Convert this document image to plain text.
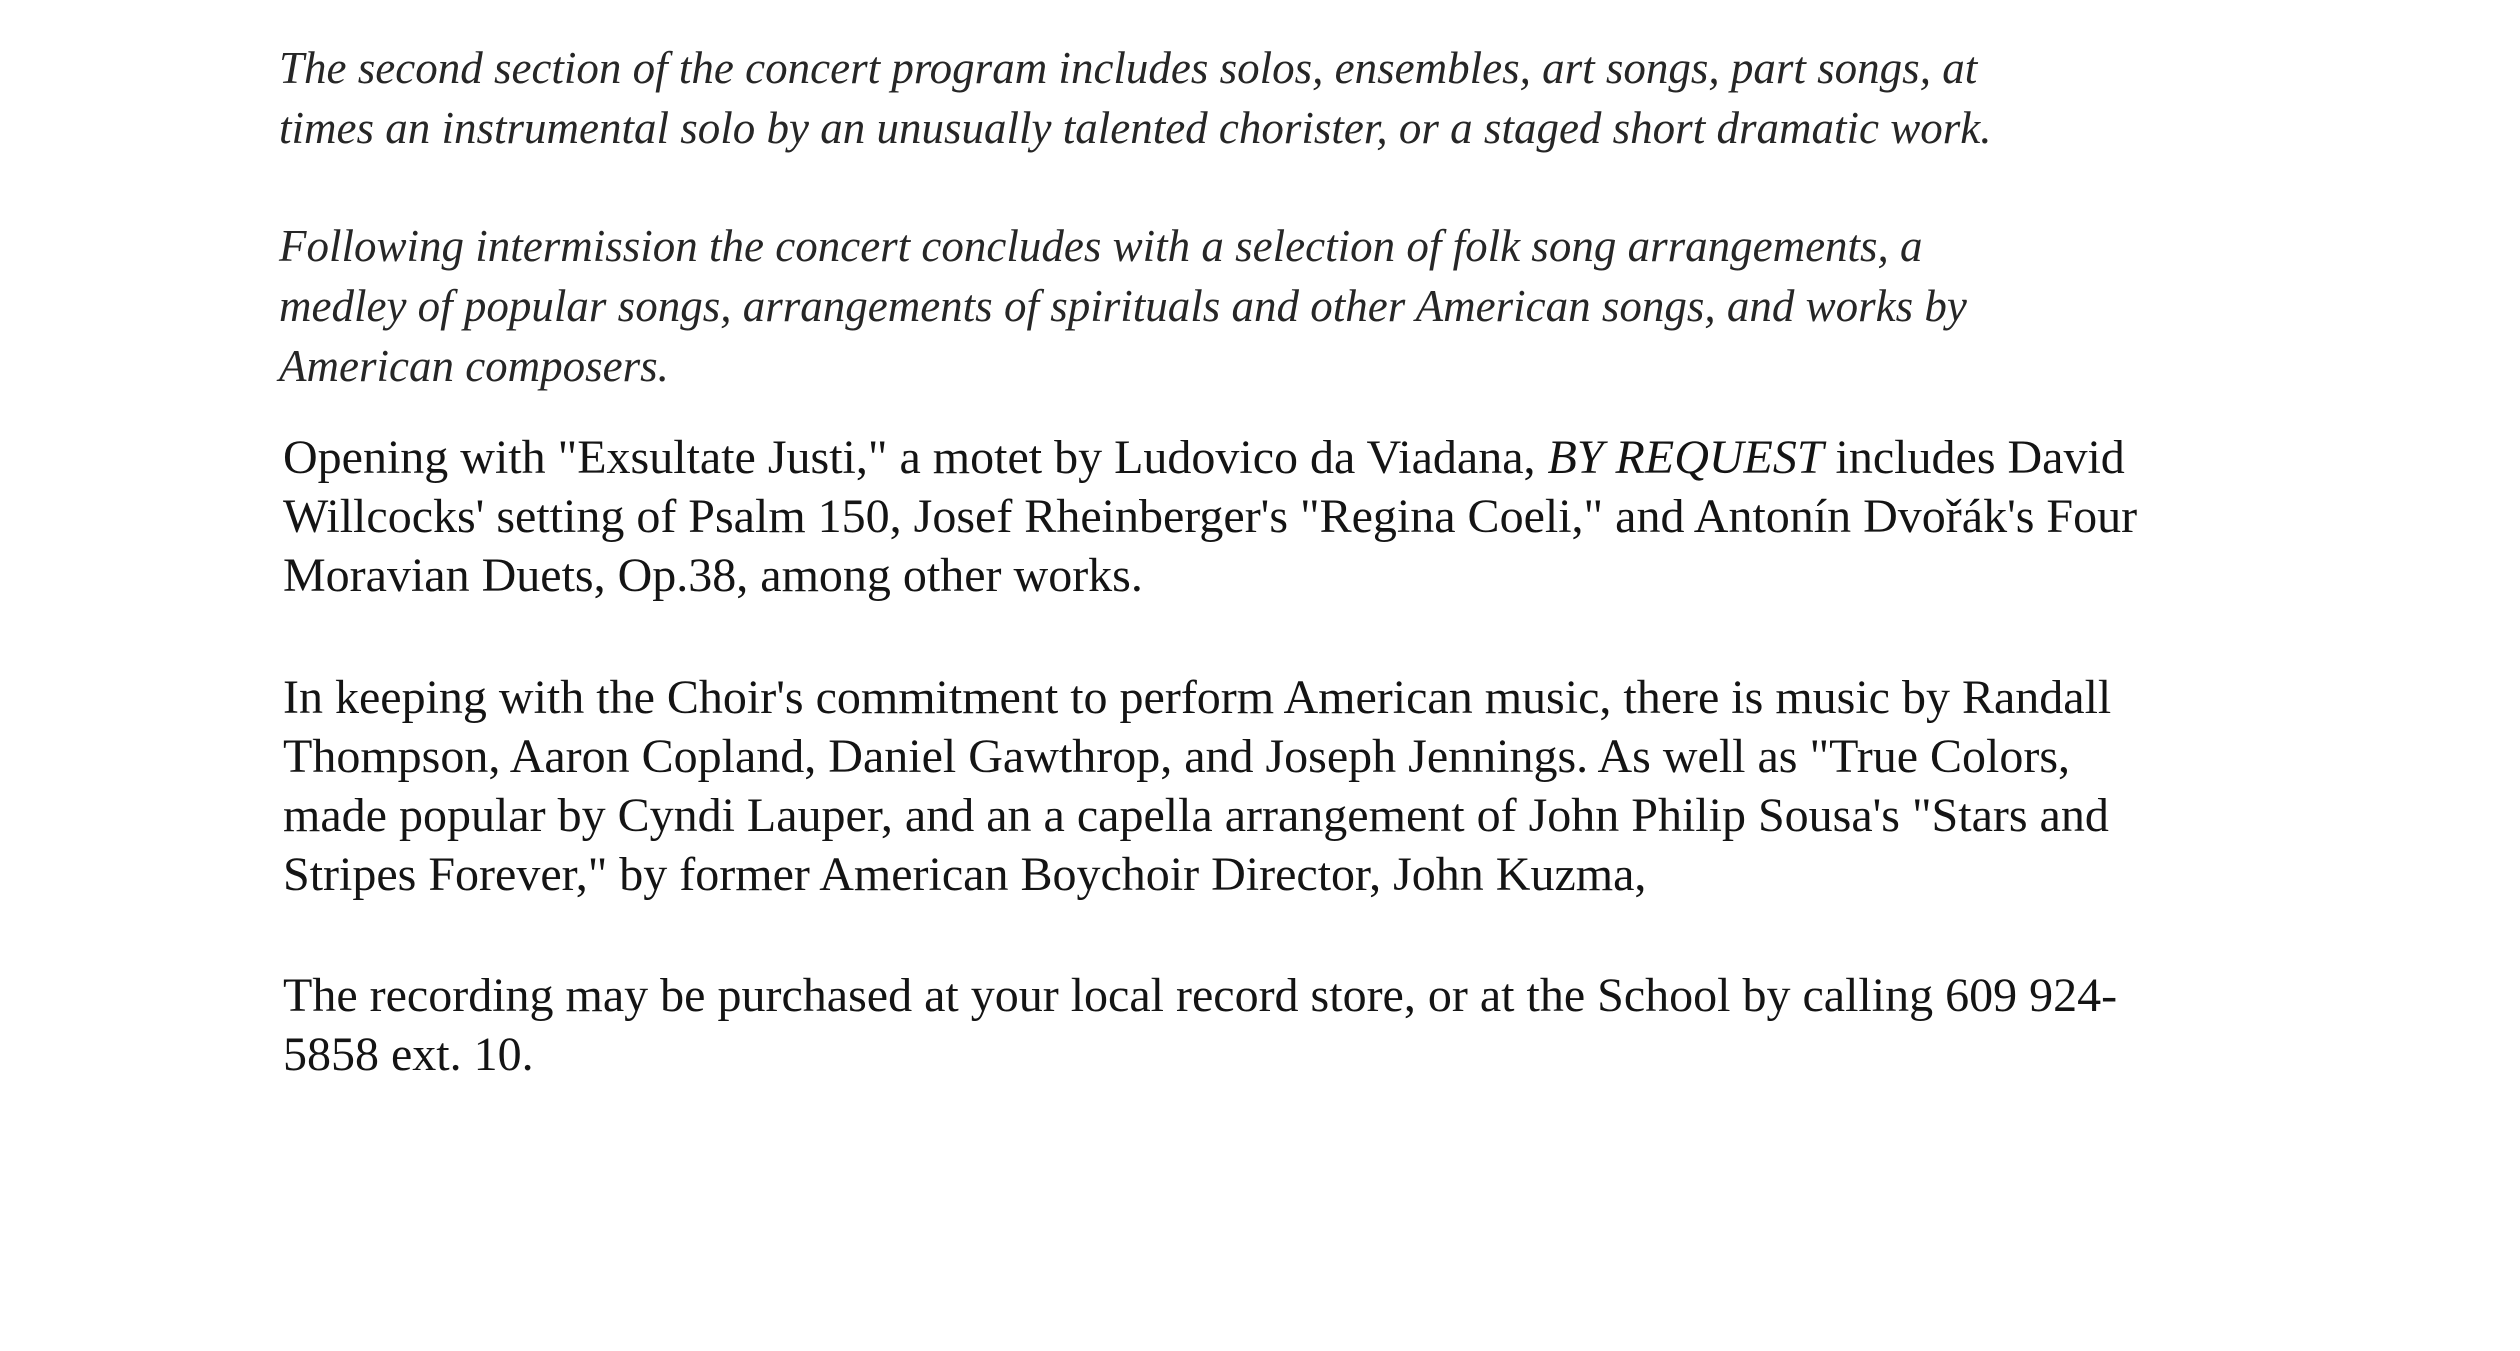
The second section of the concert program includes solos, ensembles, art songs, part songs, at
times an instrumental solo by an unusually talented chorister, or a staged short dramatic work.

Following intermission the concert concludes with a selection of folk song arrangements, a
medley of popular songs, arrangements of spirituals and other American songs, and works by
American composers.

Opening with "Exsultate Justi," a motet by Ludovico da Viadana, BY REQUEST includes David
Willcocks' setting of Psalm 150, Josef Rheinberger's "Regina Coeli," and Antonín Dvořák's Four
Moravian Duets, Op.38, among other works.

In keeping with the Choir's commitment to perform American music, there is music by Randall
Thompson, Aaron Copland, Daniel Gawthrop, and Joseph Jennings. As well as "True Colors,
made popular by Cyndi Lauper, and an a capella arrangement of John Philip Sousa's "Stars and
Stripes Forever," by former American Boychoir Director, John Kuzma,

The recording may be purchased at your local record store, or at the School by calling 609 924-
5858 ext. 10.
